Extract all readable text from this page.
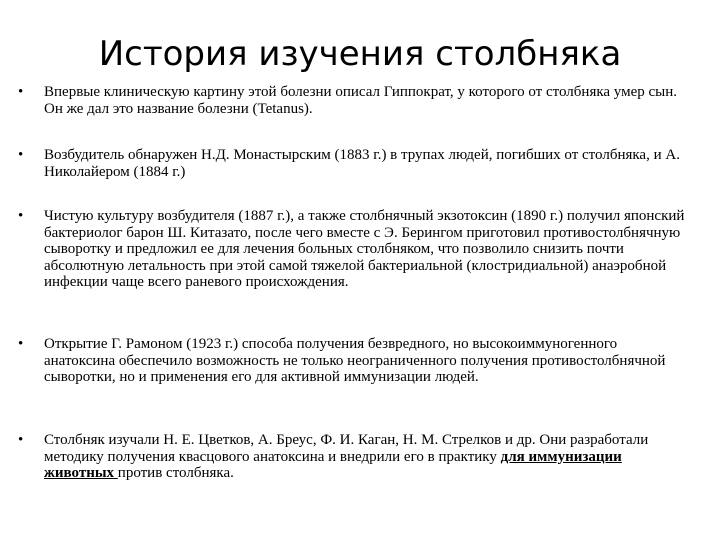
История изучения столбняка
•	Впервые клиническую картину этой болезни описал Гиппократ, у которого от столбняка умер сын. Он же дал это название болезни (Tetanus).
•	Возбудитель обнаружен Н.Д. Монастырским (1883 г.) в трупах людей, погибших от столбняка, и А. Николайером (1884 г.)
•	Чистую культуру возбудителя (1887 г.), а также столбнячный экзотоксин (1890 г.) получил японский бактериолог барон Ш. Китазато, после чего вместе с Э. Берингом приготовил противостолбнячную сыворотку и предложил ее для лечения больных столбняком, что позволило снизить почти абсолютную летальность при этой самой тяжелой бактериальной (клостридиальной) анаэробной инфекции чаще всего раневого происхождения.
•	Открытие Г. Рамоном (1923 г.) способа получения безвредного, но высокоиммуногенного анатоксина обеспечило возможность не только неограниченного получения противостолбнячной сыворотки, но и применения его для активной иммунизации людей.
•	Столбняк изучали Н. Е. Цветков, А. Бреус, Ф. И. Каган, Н. М. Стрелков и др. Они разработали методику получения квасцового анатоксина и внедрили его в практику для иммунизации животных против столбняка.
